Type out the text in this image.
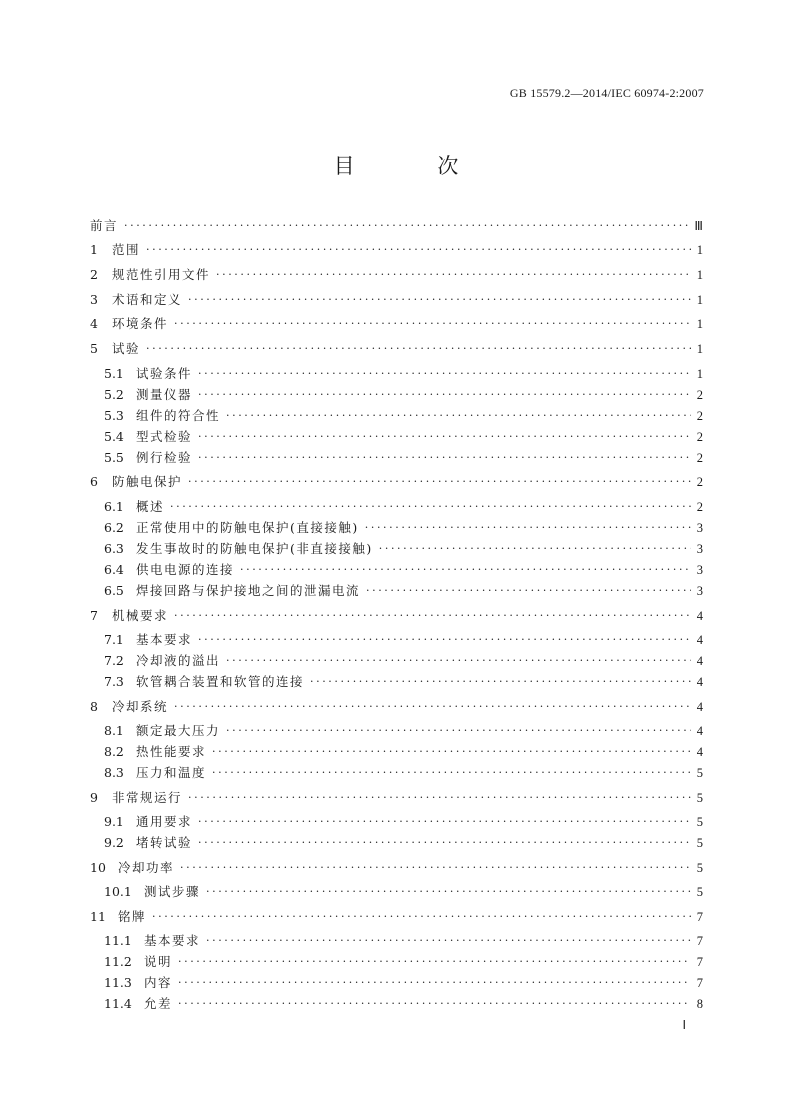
GB 15579.2—2014/IEC 60974-2:2007
目 次
前言 ·····	Ⅲ
1	范围 ·····	1
2	规范性引用文件 ·····	1
3	术语和定义 ·····	1
4	环境条件 ·····	1
5	试验 ·····	1
5.1 试验条件 ·····	1
5.2 测量仪器 ·····	2
5.3 组件的符合性 ·····	2
5.4 型式检验 ·····	2
5.5 例行检验 ·····	2
6	防触电保护 ·····	2
6.1 概述 ·····	2
6.2 正常使用中的防触电保护(直接接触) ·····	3
6.3 发生事故时的防触电保护(非直接接触) ·····	3
6.4 供电电源的连接 ·····	3
6.5 焊接回路与保护接地之间的泄漏电流 ·····	3
7	机械要求 ·····	4
7.1 基本要求 ·····	4
7.2 冷却液的溢出 ·····	4
7.3 软管耦合装置和软管的连接 ·····	4
8	冷却系统 ·····	4
8.1 额定最大压力 ·····	4
8.2 热性能要求 ·····	4
8.3 压力和温度 ·····	5
9	非常规运行 ·····	5
9.1 通用要求 ·····	5
9.2 堵转试验 ·····	5
10 冷却功率 ·····	5
10.1 测试步骤 ·····	5
11 铭牌 ·····	7
11.1 基本要求 ·····	7
11.2 说明 ·····	7
11.3 内容 ·····	7
11.4 允差 ·····	8
Ⅰ
